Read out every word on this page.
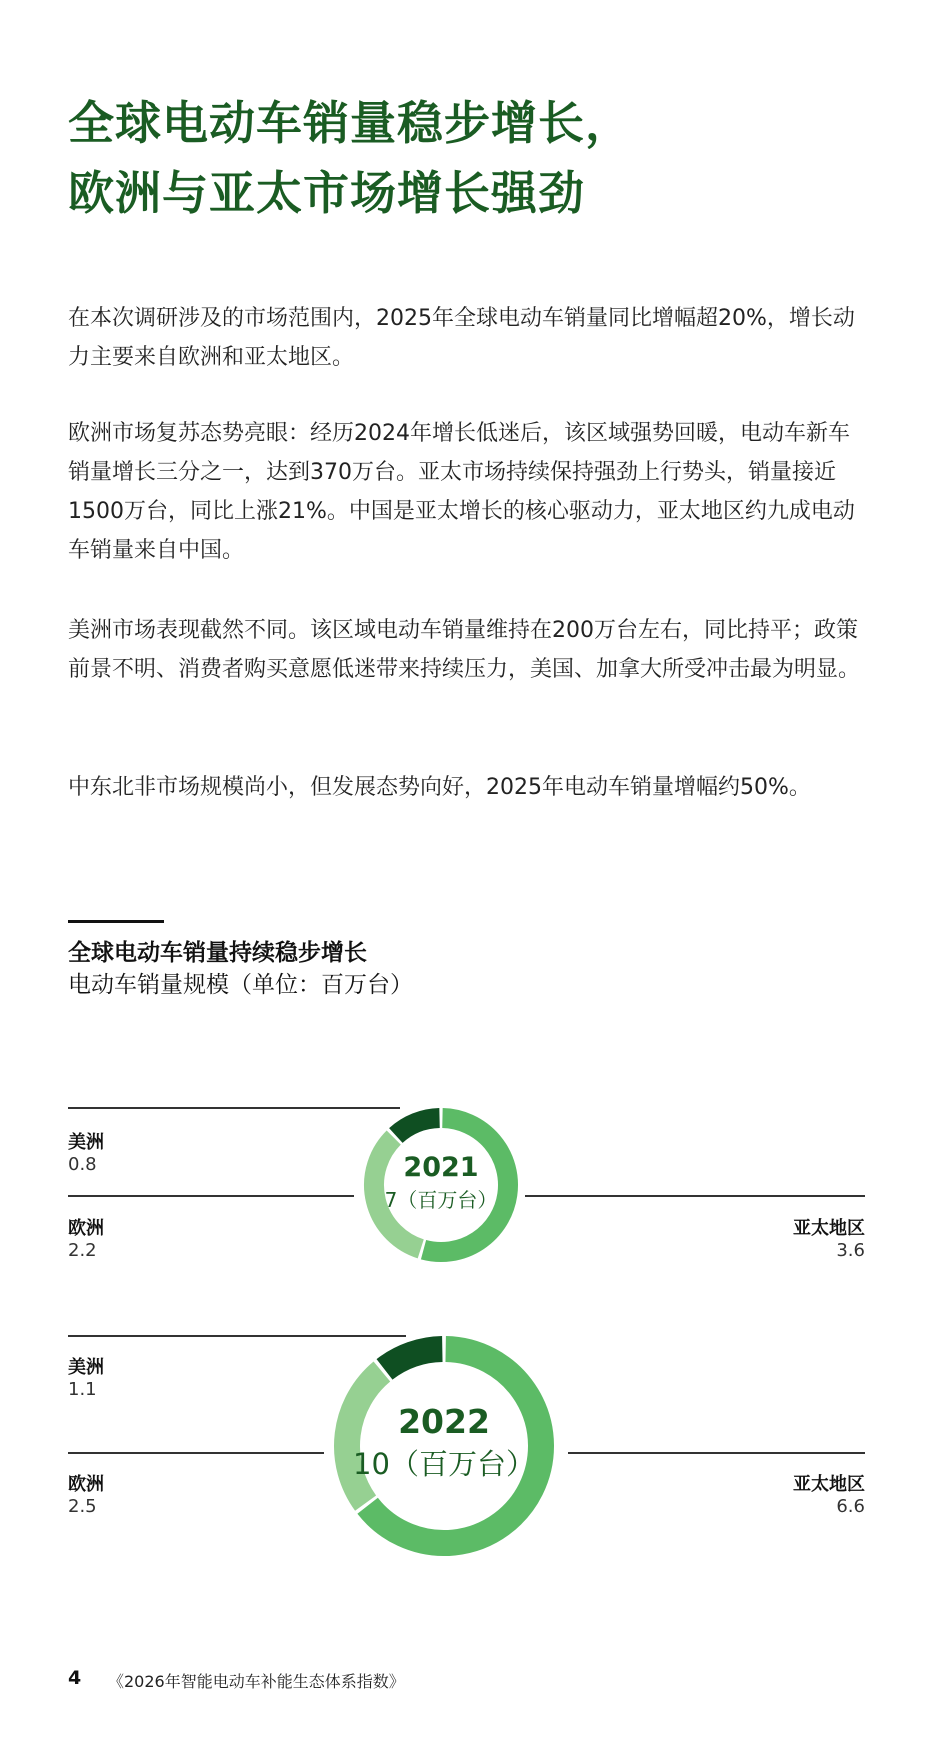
全球电动车销量稳步增长，
欧洲与亚太市场增长强劲
在本次调研涉及的市场范围内，2025年全球电动车销量同比增幅超20%，增长动力主要来自欧洲和亚太地区。
欧洲市场复苏态势亮眼：经历2024年增长低迷后，该区域强势回暖，电动车新车销量增长三分之一，达到370万台。亚太市场持续保持强劲上行势头，销量接近1500万台，同比上涨21%。中国是亚太增长的核心驱动力，亚太地区约九成电动车销量来自中国。
美洲市场表现截然不同。该区域电动车销量维持在200万台左右，同比持平；政策前景不明、消费者购买意愿低迷带来持续压力，美国、加拿大所受冲击最为明显。
中东北非市场规模尚小，但发展态势向好，2025年电动车销量增幅约50%。
全球电动车销量持续稳步增长
电动车销量规模（单位：百万台）
美洲
0.8
欧洲
2.2
亚太地区
3.6
2021
7（百万台）
美洲
1.1
欧洲
2.5
亚太地区
6.6
2022
10（百万台）
4 《2026年智能电动车补能生态体系指数》
